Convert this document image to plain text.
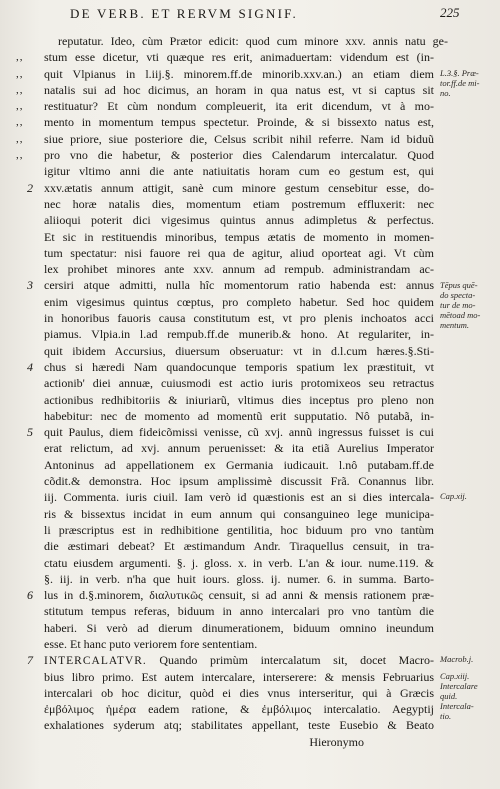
DE VERB. ET RERVM SIGNIF.	225
reputatur. Ideo, cùm Prætor edicit: quod cum minore xxv. annis natu ge-
,,	stum esse dicetur, vti quæque res erit, animaduertam: videndum est (in-
,,	quit Vlpianus in l.iij.§. minorem.ff.de minorib.xxv.an.) an etiam diem
,,	natalis sui ad hoc dicimus, an horam in qua natus est, vt si captus sit
,,	restituatur? Et cùm nondum compleuerit, ita erit dicendum, vt à mo-
,,	mento in momentum tempus spectetur. Proinde, & si bissexto natus est,
,,	siue priore, siue posteriore die, Celsus scribit nihil referre. Nam id biduũ
,,	pro vno die habetur, & posterior dies Calendarum intercalatur. Quod
igitur vltimo anni die ante natiuitatis horam cum eo gestum est, qui
2 xxv.ætatis annum attigit, sanè cum minore gestum censebitur esse, do-
nec horæ natalis dies, momentum etiam postremum effluxerit: nec
aliioqui poterit dici vigesimus quintus annus adimpletus & perfectus.
Et sic in restituendis minoribus, tempus ætatis de momento in momen-
tum spectatur: nisi fauore rei qua de agitur, aliud oporteat agi. Vt cùm
lex prohibet minores ante xxv. annum ad rempub. administrandam ac-
3 cersiri atque admitti, nulla hîc momentorum ratio habenda est: annus
enim vigesimus quintus cœptus, pro completo habetur. Sed hoc quidem
in honoribus fauoris causa constitutum est, vt pro plenis inchoatos acci
piamus. Vlpia.in l.ad rempub.ff.de munerib.& hono. At regulariter, in-
quit ibidem Accursius, diuersum obseruatur: vt in d.l.cum hæres.§.Sti-
4 chus si hæredi Nam quandocunque temporis spatium lex præstituit, vt
actionib' diei annuæ, cuiusmodi est actio iuris protomixeos seu retractus
actionibus redhibitoriis & iniuriarũ, vltimus dies inceptus pro pleno non
habebitur: nec de momento ad momentũ erit supputatio. Nô putabã, in-
5 quit Paulus, diem fideicõmissi venisse, cũ xvj. annũ ingressus fuisset is cui
erat relictum, ad xvj. annum peruenisset: & ita etiã Aurelius Imperator
Antoninus ad appellationem ex Germania iudicauit. l.nô putabam.ff.de
cõdit.& demonstra. Hoc ipsum amplissimè discussit Frã. Conannus libr.
iij. Commenta. iuris ciuil. Iam verò id quæstionis est an si dies intercala-
ris & bissextus incidat in eum annum qui consanguineo lege municipa-
li præscriptus est in redhibitione gentilitia, hoc biduum pro vno tantùm
die æstimari debeat? Et æstimandum Andr. Tiraquellus censuit, in tra-
ctatu eiusdem argumenti. §. j. gloss. x. in verb. L'an & iour. nume.119. &
§. iij. in verb. n'ha que huit iours. gloss. ij. numer. 6. in summa. Barto-
6 lus in d.§.minorem, διαλυτικῶς censuit, si ad anni & mensis rationem præ-
stitutum tempus referas, biduum in anno intercalari pro vno tantùm die
haberi. Si verò ad dierum dinumerationem, biduum omnino ineundum
esse. Et hanc puto veriorem fore sententiam.
7 INTERCALATVR. Quando primùm intercalatum sit, docet Macro-
bius libro primo. Est autem intercalare, interserere: & mensis Februarius
intercalari ob hoc dicitur, quòd ei dies vnus interseritur, qui à Græcis
ἐμβόλιμος ἡμέρα eadem ratione, & ἐμβόλιμος intercalatio. Aegyptij
exhalationes syderum atq; stabilitates appellant, teste Eusebio & Beato
Hieronymo
L.3.§. Præ-
tor.ff.de mi-
no.
Tēpus quē-
do specta-
tur de mo-
mētoad mo-
mentum.
Cap.xij.
Macrob.j.
Cap.xiij.
Intercalare
quid.
Intercala-
tio.
